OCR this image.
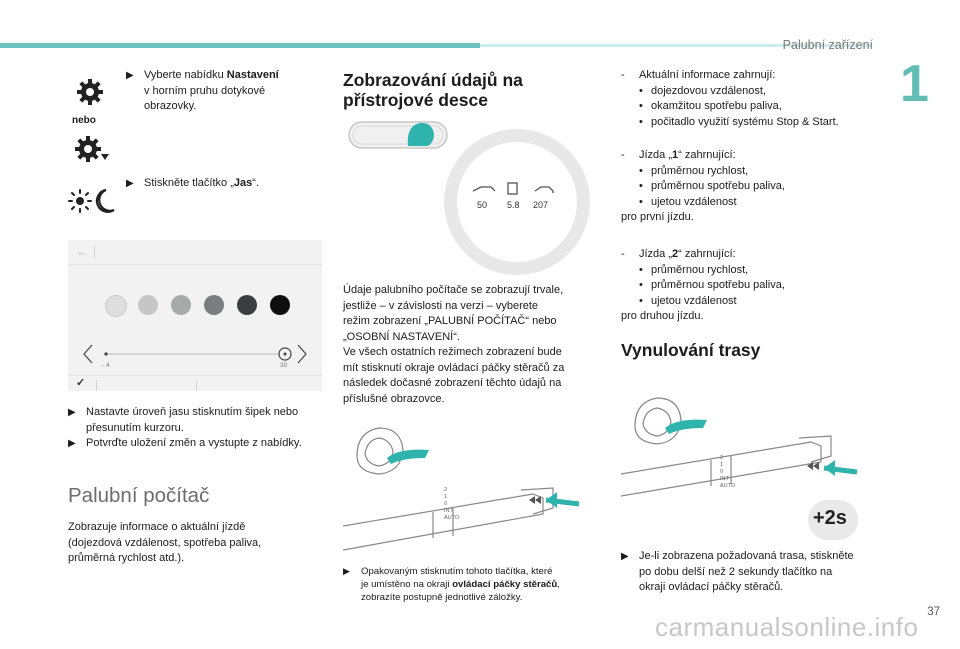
Palubní zařízení
1
nebo
▶ Vyberte nabídku Nastavení
v horním pruhu dotykové
obrazovky.
▶ Stiskněte tlačítko „Jas“.
←
- 4	30
✓
▶ Nastavte úroveň jasu stisknutím šipek nebo
přesunutím kurzoru.
▶ Potvrďte uložení změn a vystupte z nabídky.
Palubní počítač
Zobrazuje informace o aktuální jízdě
(dojezdová vzdálenost, spotřeba paliva,
průměrná rychlost atd.).
Zobrazování údajů na
přístrojové desce
50 5.8 207
Údaje palubního počítače se zobrazují trvale,
jestliže – v závislosti na verzi – vyberete
režim zobrazení „PALUBNÍ POČÍTAČ“ nebo
„OSOBNÍ NASTAVENÍ“.
Ve všech ostatních režimech zobrazení bude
mít stisknutí okraje ovládací páčky stěračů za
následek dočasné zobrazení těchto údajů na
příslušné obrazovce.
2
1
0
INT
AUTO
▶	Opakovaným stisknutím tohoto tlačítka, které
je umístěno na okraji ovládací páčky stěračů,
zobrazíte postupně jednotlivé záložky.
- Aktuální informace zahrnují:
• dojezdovou vzdálenost,
• okamžitou spotřebu paliva,
• počitadlo využití systému Stop & Start.
- Jízda „1“ zahrnující:
• průměrnou rychlost,
• průměrnou spotřebu paliva,
• ujetou vzdálenost
pro první jízdu.
- Jízda „2“ zahrnující:
• průměrnou rychlost,
• průměrnou spotřebu paliva,
• ujetou vzdálenost
pro druhou jízdu.
Vynulování trasy
2
1
0
INT
AUTO
+2s
▶ Je-li zobrazena požadovaná trasa, stiskněte
po dobu delší než 2 sekundy tlačítko na
okraji ovládací páčky stěračů.
37
carmanualsonline.info
